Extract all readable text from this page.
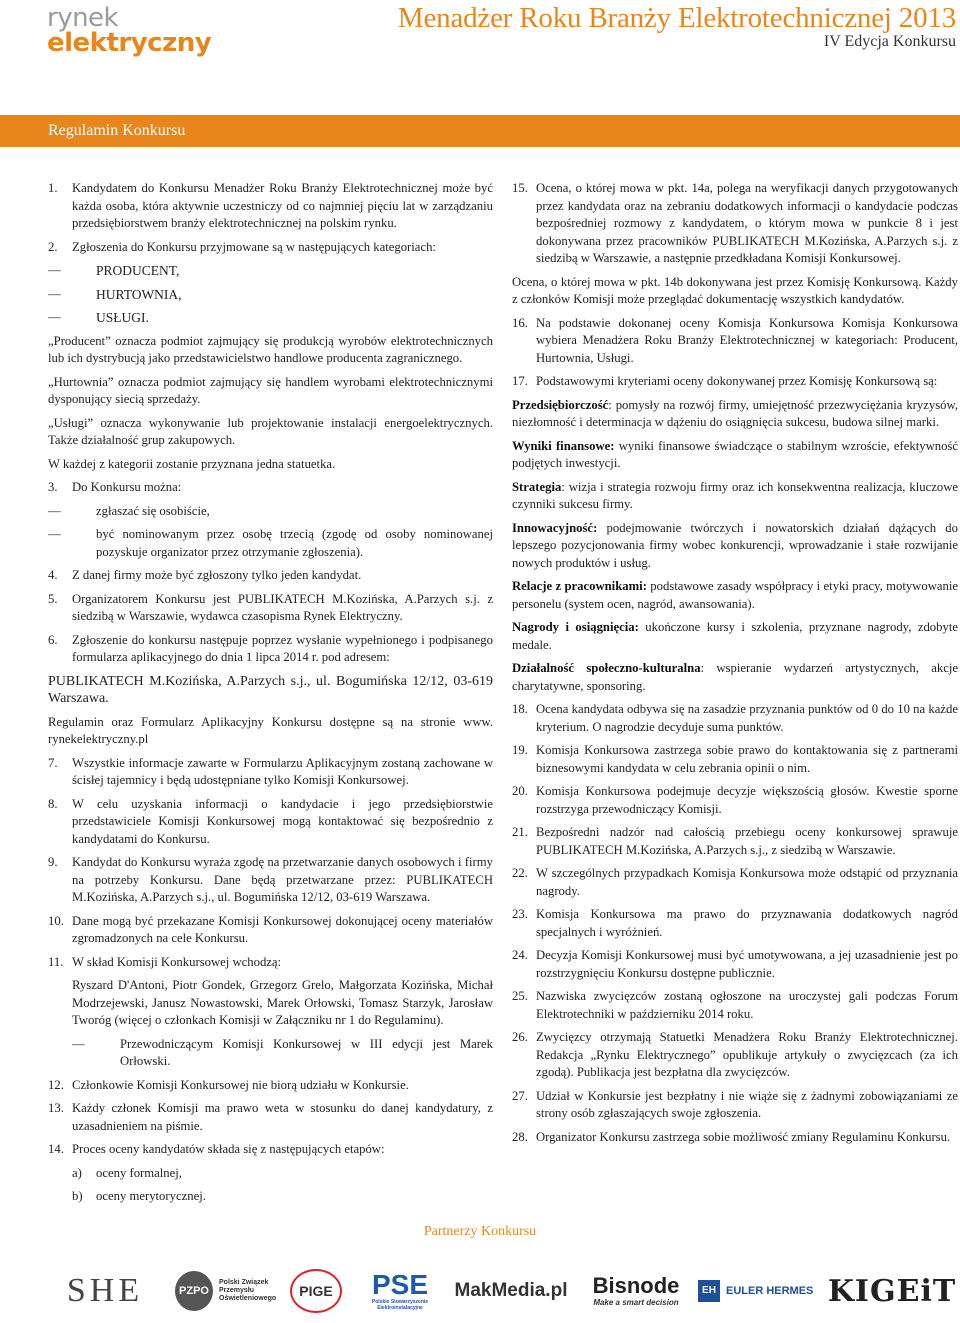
rynek
elektryczny
Menadżer Roku Branży Elektrotechnicznej 2013
IV Edycja Konkursu
Regulamin Konkursu
1.	Kandydatem do Konkursu Menadżer Roku Branży Elektrotechnicznej może być każda osoba, która aktywnie uczestniczy od co najmniej pięciu lat w zarządzaniu przedsiębiorstwem branży elektrotechnicznej na polskim rynku.
2.	Zgłoszenia do Konkursu przyjmowane są w następujących kategoriach:
—	PRODUCENT,
—	HURTOWNIA,
—	USŁUGI.

„Producent” oznacza podmiot zajmujący się produkcją wyrobów elektrotechnicznych lub ich dystrybucją jako przedstawicielstwo handlowe producenta zagranicznego.

„Hurtownia” oznacza podmiot zajmujący się handlem wyrobami elektrotechnicznymi dysponujący siecią sprzedaży.

„Usługi” oznacza wykonywanie lub projektowanie instalacji energoelektrycznych. Także działalność grup zakupowych.

W każdej z kategorii zostanie przyznana jedna statuetka.

3.	Do Konkursu można:
—	zgłaszać się osobiście,
—	być nominowanym przez osobę trzecią (zgodę od osoby nominowanej pozyskuje organizator przez otrzymanie zgłoszenia).
4.	Z danej firmy może być zgłoszony tylko jeden kandydat.
5.	Organizatorem Konkursu jest PUBLIKATECH M.Kozińska, A.Parzych s.j. z siedzibą w Warszawie, wydawca czasopisma Rynek Elektryczny.
6.	Zgłoszenie do konkursu następuje poprzez wysłanie wypełnionego i podpisanego formularza aplikacyjnego do dnia 1 lipca 2014 r. pod adresem:

PUBLIKATECH M.Kozińska, A.Parzych s.j., ul. Bogumińska 12/12, 03-619 Warszawa.

Regulamin oraz Formularz Aplikacyjny Konkursu dostępne są na stronie www. rynekelektryczny.pl

7.	Wszystkie informacje zawarte w Formularzu Aplikacyjnym zostaną zachowane w ścisłej tajemnicy i będą udostępniane tylko Komisji Konkursowej.
8.	W celu uzyskania informacji o kandydacie i jego przedsiębiorstwie przedstawiciele Komisji Konkursowej mogą kontaktować się bezpośrednio z kandydatami do Konkursu.
9.	Kandydat do Konkursu wyraża zgodę na przetwarzanie danych osobowych i firmy na potrzeby Konkursu. Dane będą przetwarzane przez: PUBLIKATECH M.Kozińska, A.Parzych s.j., ul. Bogumińska 12/12, 03-619 Warszawa.
10. Dane mogą być przekazane Komisji Konkursowej dokonującej oceny materiałów zgromadzonych na cele Konkursu.
11. W skład Komisji Konkursowej wchodzą:

Ryszard D'Antoni, Piotr Gondek, Grzegorz Grelo, Małgorzata Kozińska, Michał Modrzejewski, Janusz Nowastowski, Marek Orłowski, Tomasz Starzyk, Jarosław Tworóg (więcej o członkach Komisji w Załączniku nr 1 do Regulaminu).

—	Przewodniczącym Komisji Konkursowej w III edycji jest Marek Orłowski.
12. Członkowie Komisji Konkursowej nie biorą udziału w Konkursie.
13. Każdy członek Komisji ma prawo weta w stosunku do danej kandydatury, z uzasadnieniem na piśmie.
14. Proces oceny kandydatów składa się z następujących etapów:
a)	oceny formalnej,
b)	oceny merytorycznej.
15. Ocena, o której mowa w pkt. 14a, polega na weryfikacji danych przygotowanych przez kandydata oraz na zebraniu dodatkowych informacji o kandydacie podczas bezpośredniej rozmowy z kandydatem, o którym mowa w punkcie 8 i jest dokonywana przez pracowników PUBLIKATECH M.Kozińska, A.Parzych s.j. z siedzibą w Warszawie, a następnie przedkładana Komisji Konkursowej.

Ocena, o której mowa w pkt. 14b dokonywana jest przez Komisję Konkursową. Każdy z członków Komisji może przeglądać dokumentację wszystkich kandydatów.

16. Na podstawie dokonanej oceny Komisja Konkursowa Komisja Konkursowa wybiera Menadżera Roku Branży Elektrotechnicznej w kategoriach: Producent, Hurtownia, Usługi.
17. Podstawowymi kryteriami oceny dokonywanej przez Komisję Konkursową są:

Przedsiębiorczość: pomysły na rozwój firmy, umiejętność przezwyciężania kryzysów, niezłomność i determinacja w dążeniu do osiągnięcia sukcesu, budowa silnej marki.

Wyniki finansowe: wyniki finansowe świadczące o stabilnym wzroście, efektywność podjętych inwestycji.

Strategia: wizja i strategia rozwoju firmy oraz ich konsekwentna realizacja, kluczowe czynniki sukcesu firmy.

Innowacyjność: podejmowanie twórczych i nowatorskich działań dążących do lepszego pozycjonowania firmy wobec konkurencji, wprowadzanie i stałe rozwijanie nowych produktów i usług.

Relacje z pracownikami: podstawowe zasady współpracy i etyki pracy, motywowanie personelu (system ocen, nagród, awansowania).

Nagrody i osiągnięcia: ukończone kursy i szkolenia, przyznane nagrody, zdobyte medale.

Działalność społeczno-kulturalna: wspieranie wydarzeń artystycznych, akcje charytatywne, sponsoring.

18. Ocena kandydata odbywa się na zasadzie przyznania punktów od 0 do 10 na każde kryterium. O nagrodzie decyduje suma punktów.
19. Komisja Konkursowa zastrzega sobie prawo do kontaktowania się z partnerami biznesowymi kandydata w celu zebrania opinii o nim.
20. Komisja Konkursowa podejmuje decyzje większością głosów. Kwestie sporne rozstrzyga przewodniczący Komisji.
21. Bezpośredni nadzór nad całością przebiegu oceny konkursowej sprawuje PUBLIKATECH M.Kozińska, A.Parzych s.j., z siedzibą w Warszawie.
22. W szczególnych przypadkach Komisja Konkursowa może odstąpić od przyznania nagrody.
23. Komisja Konkursowa ma prawo do przyznawania dodatkowych nagród specjalnych i wyróżnień.
24. Decyzja Komisji Konkursowej musi być umotywowana, a jej uzasadnienie jest po rozstrzygnięciu Konkursu dostępne publicznie.
25. Nazwiska zwycięzców zostaną ogłoszone na uroczystej gali podczas Forum Elektrotechniki w październiku 2014 roku.
26. Zwycięzcy otrzymają Statuetki Menadżera Roku Branży Elektrotechnicznej. Redakcja „Rynku Elektrycznego” opublikuje artykuły o zwycięzcach (za ich zgodą). Publikacja jest bezpłatna dla zwycięzców.
27. Udział w Konkursie jest bezpłatny i nie wiąże się z żadnymi zobowiązaniami ze strony osób zgłaszających swoje zgłoszenia.
28. Organizator Konkursu zastrzega sobie możliwość zmiany Regulaminu Konkursu.
Partnerzy Konkursu
SHE	PZPO
Polski Związek Przemysłu Oświetleniowego	PIGE	PSE
Polskie Stowarzyszenie Elektroinstalacyjne
MakMedia.pl Bisnode
Make a smart decision
EH EULER HERMES KIGEiT
